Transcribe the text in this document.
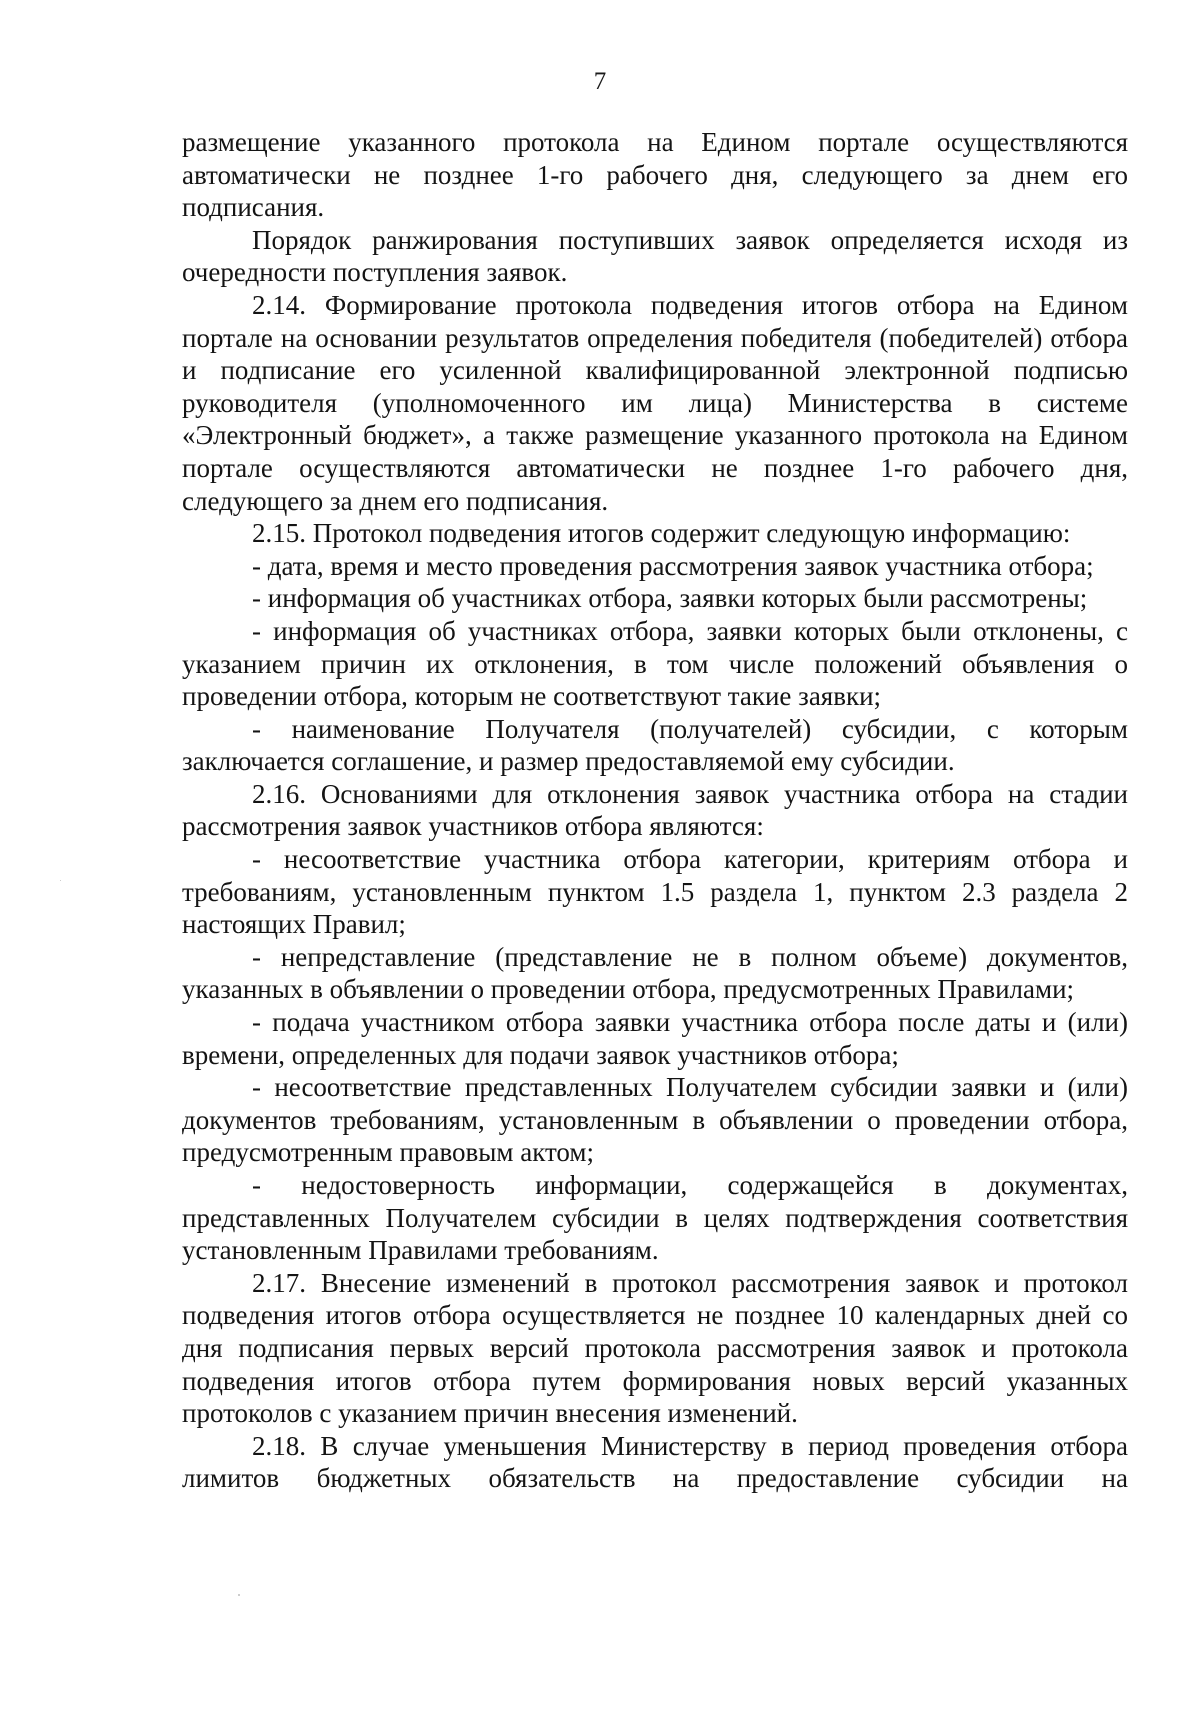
7

размещение указанного протокола на Едином портале осуществляются автоматически не позднее 1-го рабочего дня, следующего за днем его подписания.

Порядок ранжирования поступивших заявок определяется исходя из очередности поступления заявок.

2.14. Формирование протокола подведения итогов отбора на Едином портале на основании результатов определения победителя (победителей) отбора и подписание его усиленной квалифицированной электронной подписью руководителя (уполномоченного им лица) Министерства в системе «Электронный бюджет», а также размещение указанного протокола на Едином портале осуществляются автоматически не позднее 1-го рабочего дня, следующего за днем его подписания.

2.15. Протокол подведения итогов содержит следующую информацию:

- дата, время и место проведения рассмотрения заявок участника отбора;

- информация об участниках отбора, заявки которых были рассмотрены;

- информация об участниках отбора, заявки которых были отклонены, с указанием причин их отклонения, в том числе положений объявления о проведении отбора, которым не соответствуют такие заявки;

- наименование Получателя (получателей) субсидии, с которым заключается соглашение, и размер предоставляемой ему субсидии.

2.16. Основаниями для отклонения заявок участника отбора на стадии рассмотрения заявок участников отбора являются:

- несоответствие участника отбора категории, критериям отбора и требованиям, установленным пунктом 1.5 раздела 1, пунктом 2.3 раздела 2 настоящих Правил;

- непредставление (представление не в полном объеме) документов, указанных в объявлении о проведении отбора, предусмотренных Правилами;

- подача участником отбора заявки участника отбора после даты и (или) времени, определенных для подачи заявок участников отбора;

- несоответствие представленных Получателем субсидии заявки и (или) документов требованиям, установленным в объявлении о проведении отбора, предусмотренным правовым актом;

- недостоверность информации, содержащейся в документах, представленных Получателем субсидии в целях подтверждения соответствия установленным Правилами требованиям.

2.17. Внесение изменений в протокол рассмотрения заявок и протокол подведения итогов отбора осуществляется не позднее 10 календарных дней со дня подписания первых версий протокола рассмотрения заявок и протокола подведения итогов отбора путем формирования новых версий указанных протоколов с указанием причин внесения изменений.

2.18. В случае уменьшения Министерству в период проведения отбора лимитов бюджетных обязательств на предоставление субсидии на
